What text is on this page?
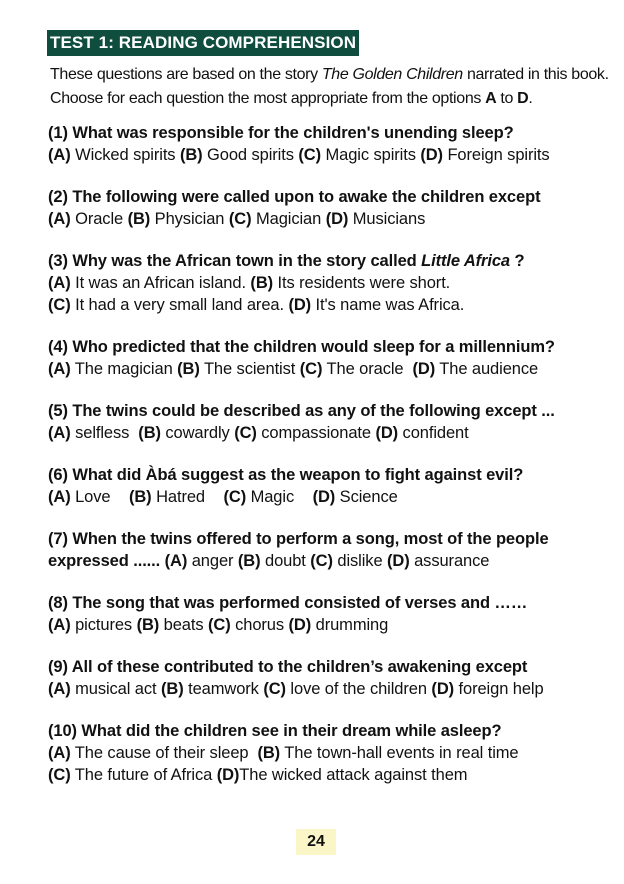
TEST 1: READING COMPREHENSION
These questions are based on the story The Golden Children narrated in this book. Choose for each question the most appropriate from the options A to D.
(1) What was responsible for the children's unending sleep?
(A) Wicked spirits (B) Good spirits (C) Magic spirits (D) Foreign spirits
(2) The following were called upon to awake the children except
(A) Oracle (B) Physician (C) Magician (D) Musicians
(3) Why was the African town in the story called Little Africa ?
(A) It was an African island. (B) Its residents were short.
(C) It had a very small land area. (D) It's name was Africa.
(4) Who predicted that the children would sleep for a millennium?
(A) The magician (B) The scientist (C) The oracle (D) The audience
(5) The twins could be described as any of the following except ...
(A) selfless (B) cowardly (C) compassionate (D) confident
(6) What did Àbá suggest as the weapon to fight against evil?
(A) Love (B) Hatred (C) Magic (D) Science
(7) When the twins offered to perform a song, most of the people
expressed ...... (A) anger (B) doubt (C) dislike (D) assurance
(8) The song that was performed consisted of verses and ……
(A) pictures (B) beats (C) chorus (D) drumming
(9) All of these contributed to the children’s awakening except
(A) musical act (B) teamwork (C) love of the children (D) foreign help
(10) What did the children see in their dream while asleep?
(A) The cause of their sleep (B) The town-hall events in real time
(C) The future of Africa (D)The wicked attack against them
24
